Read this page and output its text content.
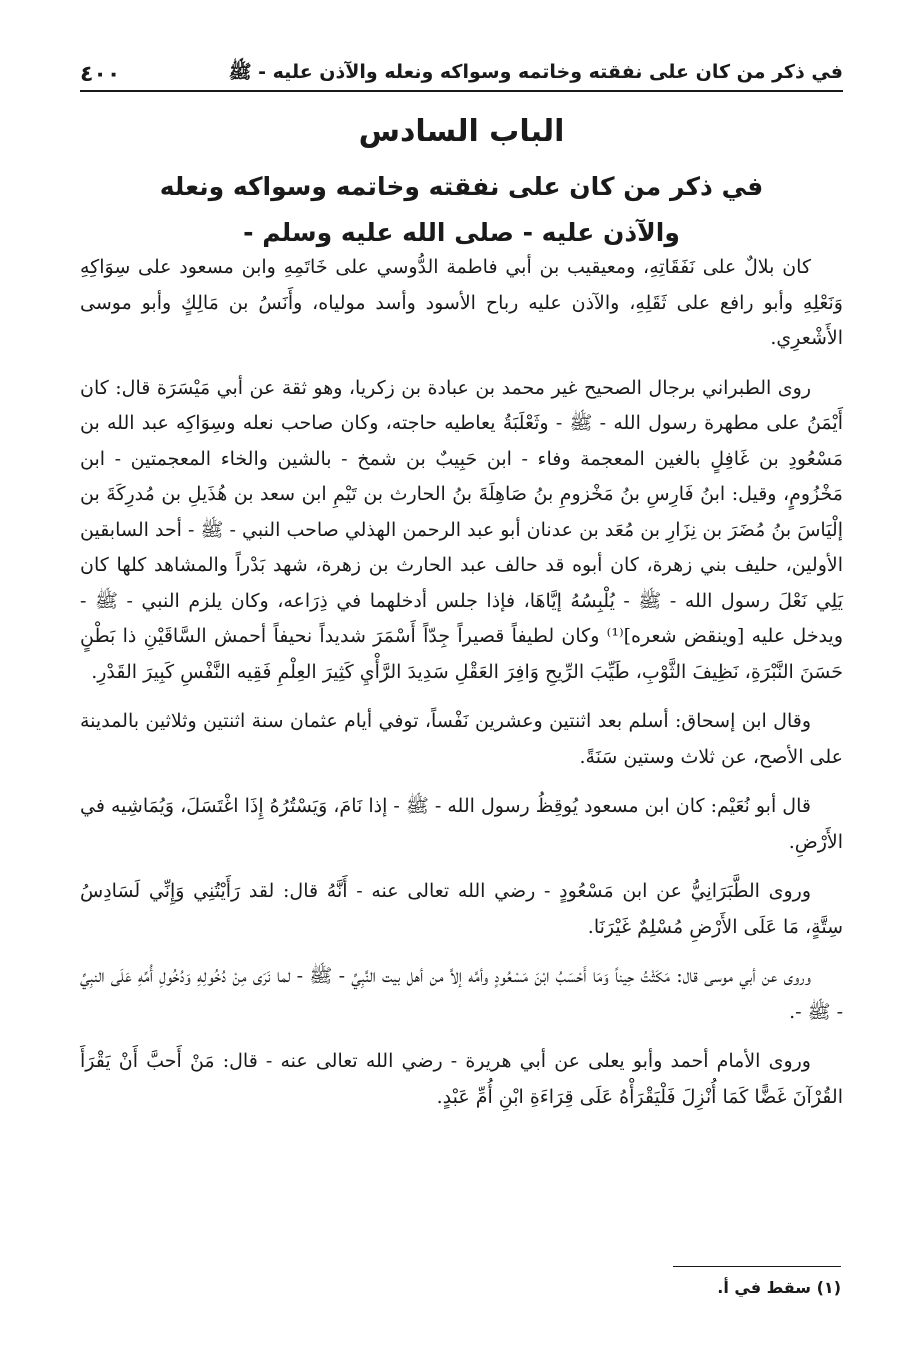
في ذكر من كان على نفقته وخاتمه وسواكه ونعله والآذن عليه - ﷺ
٤٠٠
الباب السادس
في ذكر من كان على نفقته وخاتمه وسواكه ونعله
والآذن عليه - صلى الله عليه وسلم -

كان بلالٌ على نَفَقَاتِهِ، ومعيقيب بن أبي فاطمة الدُّوسي على خَاتَمِهِ وابن مسعود على سِوَاكِهِ وَنَعْلِهِ وأبو رافع على ثَقَلِهِ، والآذن عليه رباح الأسود وأسد مولياه، وأَنَسُ بن مَالِكٍ وأبو موسى الأَشْعرِي.

روى الطبراني برجال الصحيح غير محمد بن عبادة بن زكريا، وهو ثقة عن أبي مَيْسَرَة قال: كان أَيْمَنُ على مطهرة رسول الله - ﷺ - وثَعْلَبَةُ يعاطيه حاجته، وكان صاحب نعله وسِوَاكِه عبد الله بن مَسْعُودِ بن غَافِلٍ بالغين المعجمة وفاء - ابن حَبِيبٌ بن شمخ - بالشين والخاء المعجمتين - ابن مَخْزُومٍ، وقيل: ابنُ فَارِسِ بنُ مَخْزومِ بنُ صَاهِلَةَ بنُ الحارث بن تَيْمِ ابن سعد بن هُذَيلِ بن مُدرِكَةَ بن إلْيَاسَ بنُ مُضَرَ بن نِزَارِ بن مُعَد بن عدنان أبو عبد الرحمن الهذلي صاحب النبي - ﷺ - أحد السابقين الأولين، حليف بني زهرة، كان أبوه قد حالف عبد الحارث بن زهرة، شهد بَدْراً والمشاهد كلها كان يَلِي نَعْلَ رسول الله - ﷺ - يُلْبِسُهُ إيَّاهَا، فإذا جلس أدخلهما في ذِرَاعه، وكان يلزم النبي - ﷺ - ويدخل عليه [وينقض شعره]⁽¹⁾ وكان لطيفاً قصيراً جِدّاً أَسْمَرَ شديداً نحيفاً أحمش السَّاقَيْنِ ذا بَطْنٍ حَسَنَ النَّبْرَةِ، نَظِيفَ الثَّوْبِ، طَيِّبَ الرِّيحِ وَافِرَ العَقْلِ سَدِيدَ الرَّأْيِ كَثِيرَ العِلْمِ فَقِيه النَّفْسِ كَبِيرَ القَدْرِ.

وقال ابن إسحاق: أسلم بعد اثنتين وعشرين نَفْساً، توفي أيام عثمان سنة اثنتين وثلاثين بالمدينة على الأصح، عن ثلاث وستين سَنَةً.

قال أبو نُعَيْم: كان ابن مسعود يُوقِظُ رسول الله - ﷺ - إذا نَامَ، وَيَسْتُرُهُ إِذَا اغْتَسَلَ، وَيُمَاشِيه في الأَرْضِ.

وروى الطَّبَرَانِيُّ عن ابن مَسْعُودٍ - رضي الله تعالى عنه - أَنَّهُ قال: لقد رَأَيْتُنِي وَإِنِّي لَسَادِسُ سِتَّةٍ، مَا عَلَى الأَرْضِ مُسْلِمٌ غَيْرَنَا.

وروى عن أبي موسى قال: مَكَثْتُ حِيناً وَمَا أَحْسَبُ ابْنَ مَسْعُودٍ وأمَّه إلاَّ من أهل بيت النَّبِيِّ - ﷺ - لما نَرَى مِنْ دُخُولِهِ وَدُخُولِ أُمِّهِ عَلَى النبِيِّ - ﷺ -.

وروى الأمام أحمد وأبو يعلى عن أبي هريرة - رضي الله تعالى عنه - قال: مَنْ أَحبَّ أَنْ يَقْرَأَ القُرْآنَ غَضًّا كَمَا أُنْزِلَ فَلْيَقْرَأْهُ عَلَى قِرَاءَةِ ابْنِ أُمِّ عَبْدٍ.

(١) سقط في أ.
